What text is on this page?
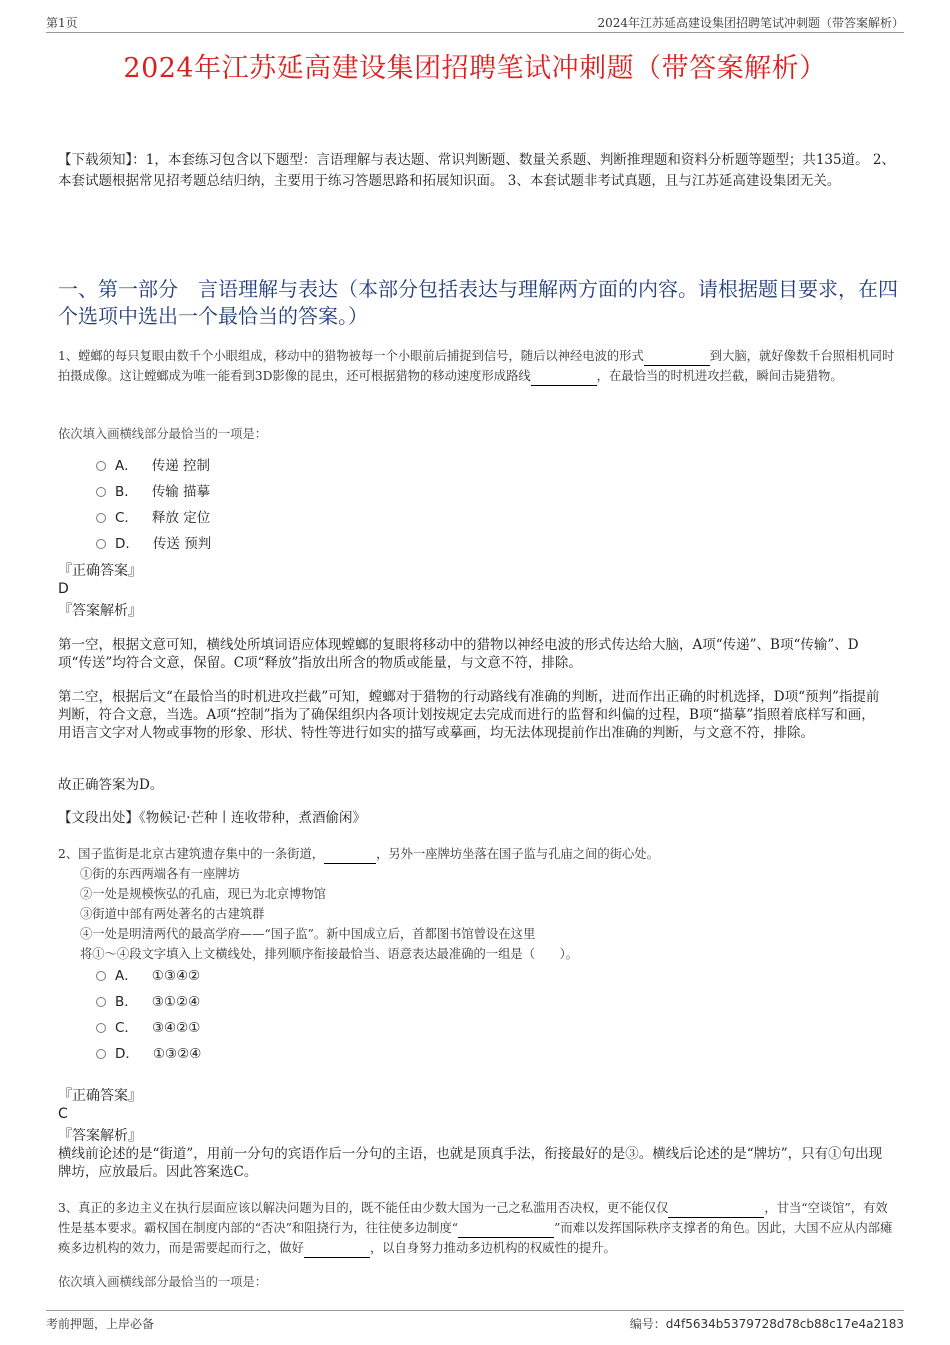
第1页	2024年江苏延高建设集团招聘笔试冲刺题（带答案解析）
2024年江苏延高建设集团招聘笔试冲刺题（带答案解析）
【下载须知】：1，本套练习包含以下题型：言语理解与表达题、常识判断题、数量关系题、判断推理题和资料分析题等题型；共135道。 2、本套试题根据常见招考题总结归纳，主要用于练习答题思路和拓展知识面。 3、本套试题非考试真题，且与江苏延高建设集团无关。
一、第一部分　言语理解与表达（本部分包括表达与理解两方面的内容。请根据题目要求，在四个选项中选出一个最恰当的答案。）
1、螳螂的每只复眼由数千个小眼组成，移动中的猎物被每一个小眼前后捕捉到信号，随后以神经电波的形式	到大脑，就好像数千台照相机同时拍摄成像。这让螳螂成为唯一能看到3D影像的昆虫，还可根据猎物的移动速度形成路线	，在最恰当的时机进攻拦截，瞬间击毙猎物。
依次填入画横线部分最恰当的一项是：
A． 传递 控制
B． 传输 描摹
C． 释放 定位
D． 传送 预判
『正确答案』
D
『答案解析』
第一空，根据文意可知，横线处所填词语应体现螳螂的复眼将移动中的猎物以神经电波的形式传达给大脑，A项“传递”、B项“传输”、D项“传送”均符合文意，保留。C项“释放”指放出所含的物质或能量，与文意不符，排除。
第二空，根据后文“在最恰当的时机进攻拦截”可知，螳螂对于猎物的行动路线有准确的判断，进而作出正确的时机选择，D项“预判”指提前判断，符合文意，当选。A项“控制”指为了确保组织内各项计划按规定去完成而进行的监督和纠偏的过程，B项“描摹”指照着底样写和画，用语言文字对人物或事物的形象、形状、特性等进行如实的描写或摹画，均无法体现提前作出准确的判断，与文意不符，排除。
故正确答案为D。
【文段出处】《物候记·芒种丨连收带种，煮酒偷闲》
2、国子监街是北京古建筑遗存集中的一条街道，	，另外一座牌坊坐落在国子监与孔庙之间的街心处。
①街的东西两端各有一座牌坊
②一处是规模恢弘的孔庙，现已为北京博物馆
③街道中部有两处著名的古建筑群
④一处是明清两代的最高学府——“国子监”。新中国成立后，首都图书馆曾设在这里
将①～④段文字填入上文横线处，排列顺序衔接最恰当、语意表达最准确的一组是（　　）。
A． ①③④②
B． ③①②④
C． ③④②①
D． ①③②④
『正确答案』
C
『答案解析』
横线前论述的是“街道”，用前一分句的宾语作后一分句的主语，也就是顶真手法，衔接最好的是③。横线后论述的是“牌坊”，只有①句出现牌坊，应放最后。因此答案选C。
3、真正的多边主义在执行层面应该以解决问题为目的，既不能任由少数大国为一己之私滥用否决权，更不能仅仅	，甘当“空谈馆”，有效性是基本要求。霸权国在制度内部的“否决”和阻挠行为，往往使多边制度“	”而难以发挥国际秩序支撑者的角色。因此，大国不应从内部瘫痪多边机构的效力，而是需要起而行之，做好	，以自身努力推动多边机构的权威性的提升。
依次填入画横线部分最恰当的一项是：
考前押题，上岸必备	编号：d4f5634b5379728d78cb88c17e4a2183
